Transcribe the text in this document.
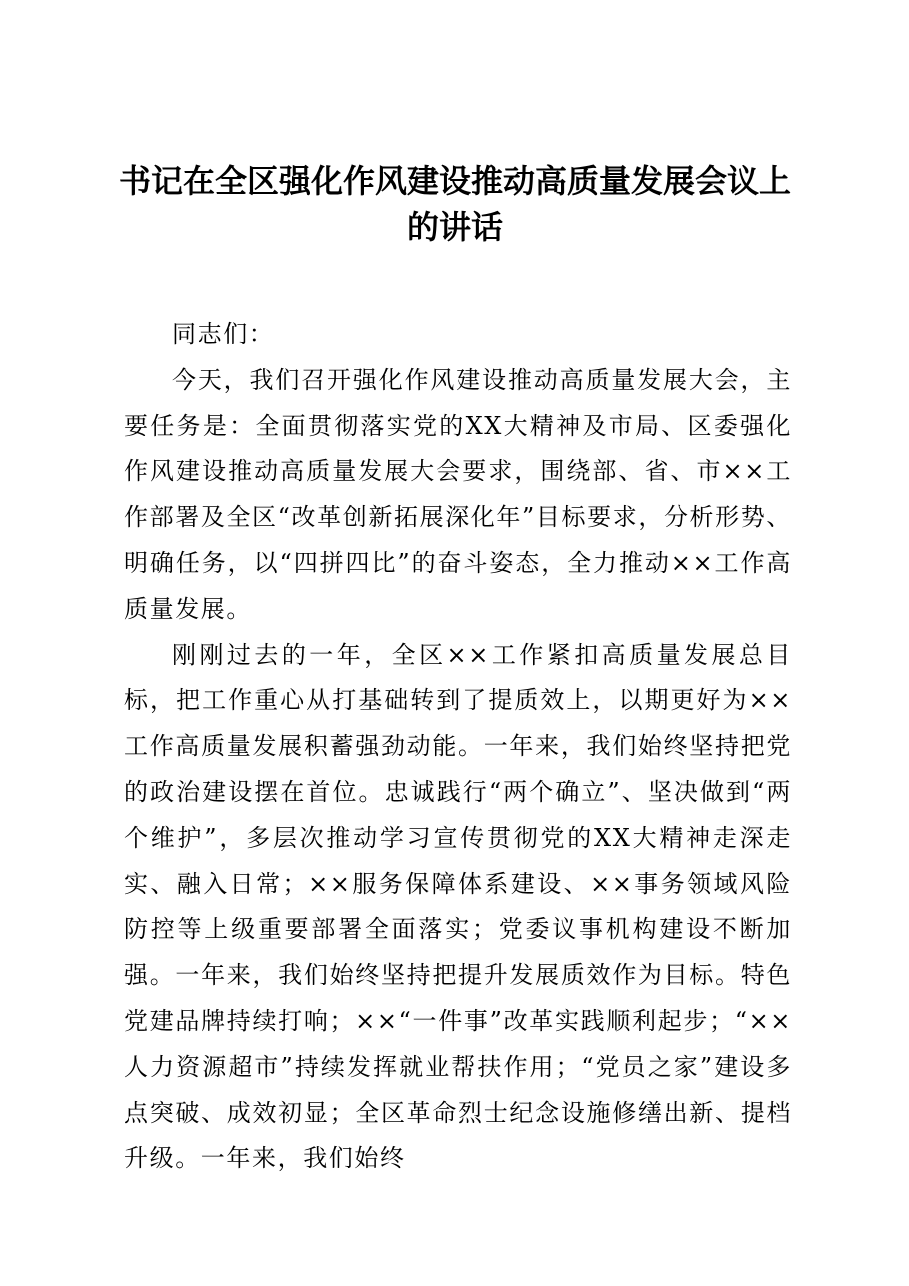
书记在全区强化作风建设推动高质量发展会议上的讲话

同志们：

今天，我们召开强化作风建设推动高质量发展大会，主要任务是：全面贯彻落实党的XX大精神及市局、区委强化作风建设推动高质量发展大会要求，围绕部、省、市××工作部署及全区“改革创新拓展深化年”目标要求，分析形势、明确任务，以“四拼四比”的奋斗姿态，全力推动××工作高质量发展。

刚刚过去的一年，全区××工作紧扣高质量发展总目标，把工作重心从打基础转到了提质效上，以期更好为××工作高质量发展积蓄强劲动能。一年来，我们始终坚持把党的政治建设摆在首位。忠诚践行“两个确立”、坚决做到“两个维护”，多层次推动学习宣传贯彻党的XX大精神走深走实、融入日常；××服务保障体系建设、××事务领域风险防控等上级重要部署全面落实；党委议事机构建设不断加强。一年来，我们始终坚持把提升发展质效作为目标。特色党建品牌持续打响；××“一件事”改革实践顺利起步；“××人力资源超市”持续发挥就业帮扶作用；“党员之家”建设多点突破、成效初显；全区革命烈士纪念设施修缮出新、提档升级。一年来，我们始终
